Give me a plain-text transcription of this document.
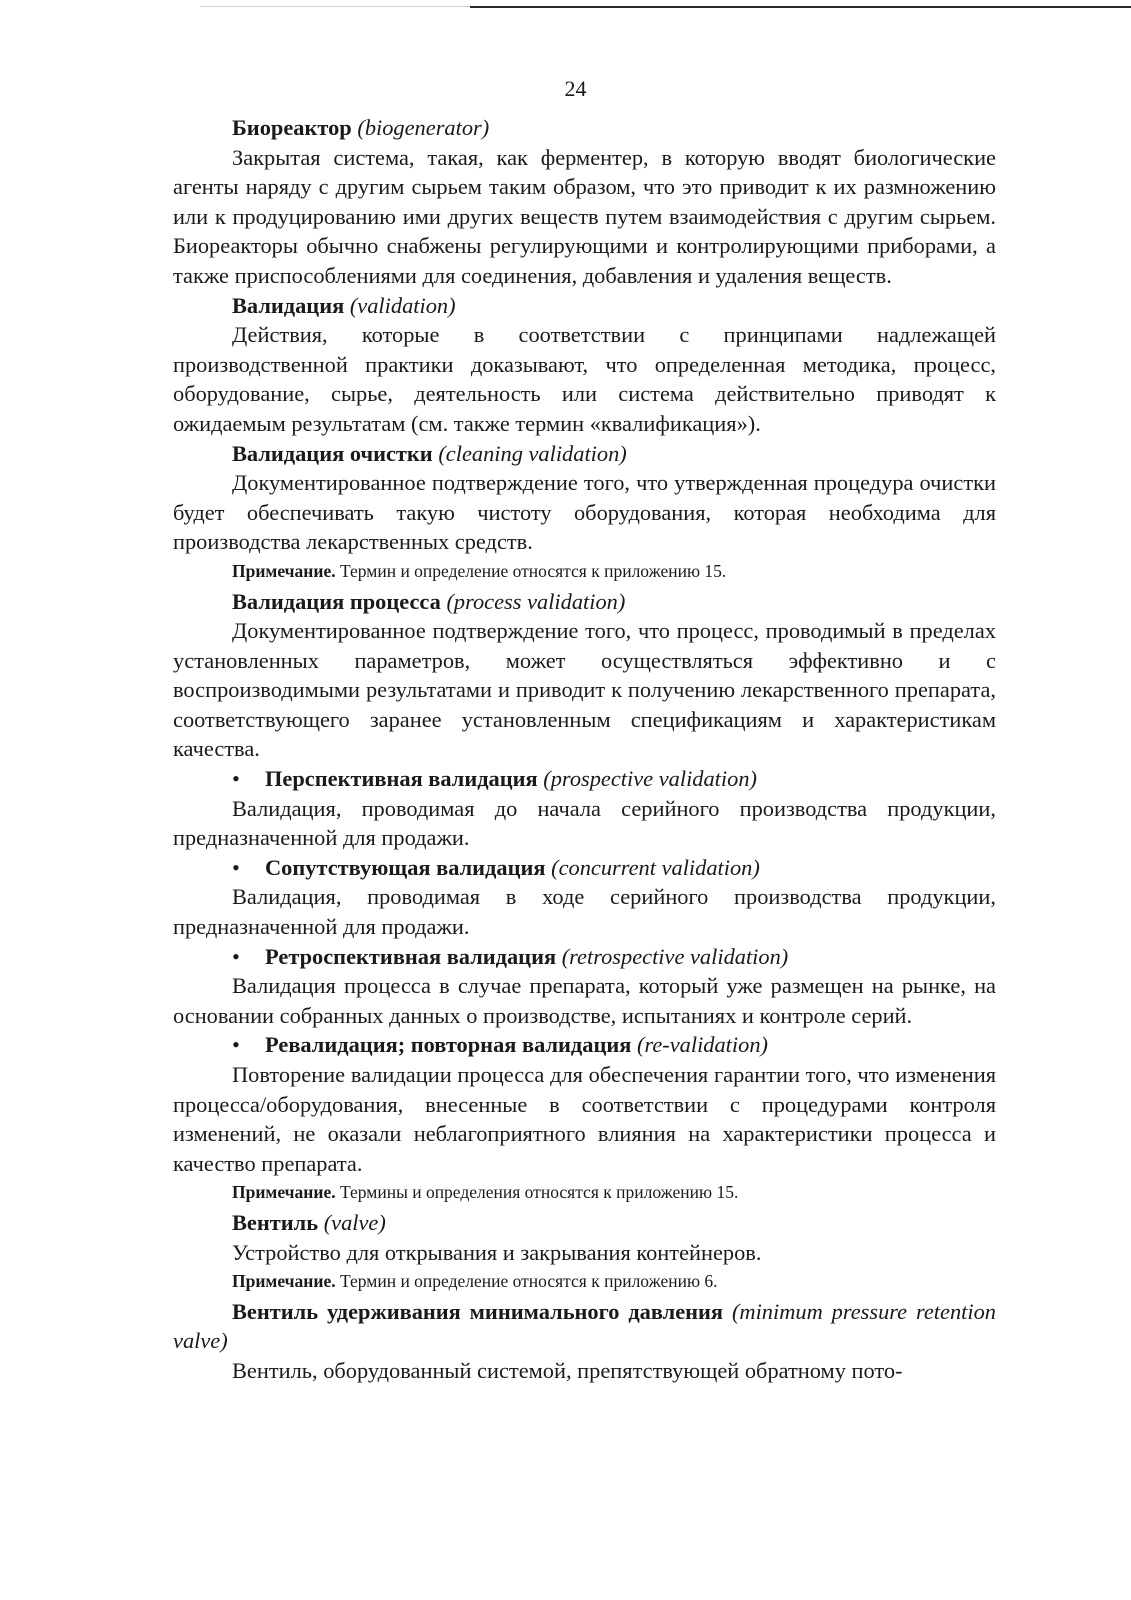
24

Биореактор (biogenerator)

Закрытая система, такая, как ферментер, в которую вводят биологические агенты наряду с другим сырьем таким образом, что это приводит к их размножению или к продуцированию ими других веществ путем взаимодействия с другим сырьем. Биореакторы обычно снабжены регулирующими и контролирующими приборами, а также приспособлениями для соединения, добавления и удаления веществ.

Валидация (validation)

Действия, которые в соответствии с принципами надлежащей производственной практики доказывают, что определенная методика, процесс, оборудование, сырье, деятельность или система действительно приводят к ожидаемым результатам (см. также термин «квалификация»).

Валидация очистки (cleaning validation)

Документированное подтверждение того, что утвержденная процедура очистки будет обеспечивать такую чистоту оборудования, которая необходима для производства лекарственных средств.

Примечание. Термин и определение относятся к приложению 15.

Валидация процесса (process validation)

Документированное подтверждение того, что процесс, проводимый в пределах установленных параметров, может осуществляться эффективно и с воспроизводимыми результатами и приводит к получению лекарственного препарата, соответствующего заранее установленным спецификациям и характеристикам качества.

• Перспективная валидация (prospective validation)

Валидация, проводимая до начала серийного производства продукции, предназначенной для продажи.

• Сопутствующая валидация (concurrent validation)

Валидация, проводимая в ходе серийного производства продукции, предназначенной для продажи.

• Ретроспективная валидация (retrospective validation)

Валидация процесса в случае препарата, который уже размещен на рынке, на основании собранных данных о производстве, испытаниях и контроле серий.

• Ревалидация; повторная валидация (re-validation)

Повторение валидации процесса для обеспечения гарантии того, что изменения процесса/оборудования, внесенные в соответствии с процедурами контроля изменений, не оказали неблагоприятного влияния на характеристики процесса и качество препарата.

Примечание. Термины и определения относятся к приложению 15.

Вентиль (valve)

Устройство для открывания и закрывания контейнеров.

Примечание. Термин и определение относятся к приложению 6.

Вентиль удерживания минимального давления (minimum pressure retention valve)

Вентиль, оборудованный системой, препятствующей обратному пото-
